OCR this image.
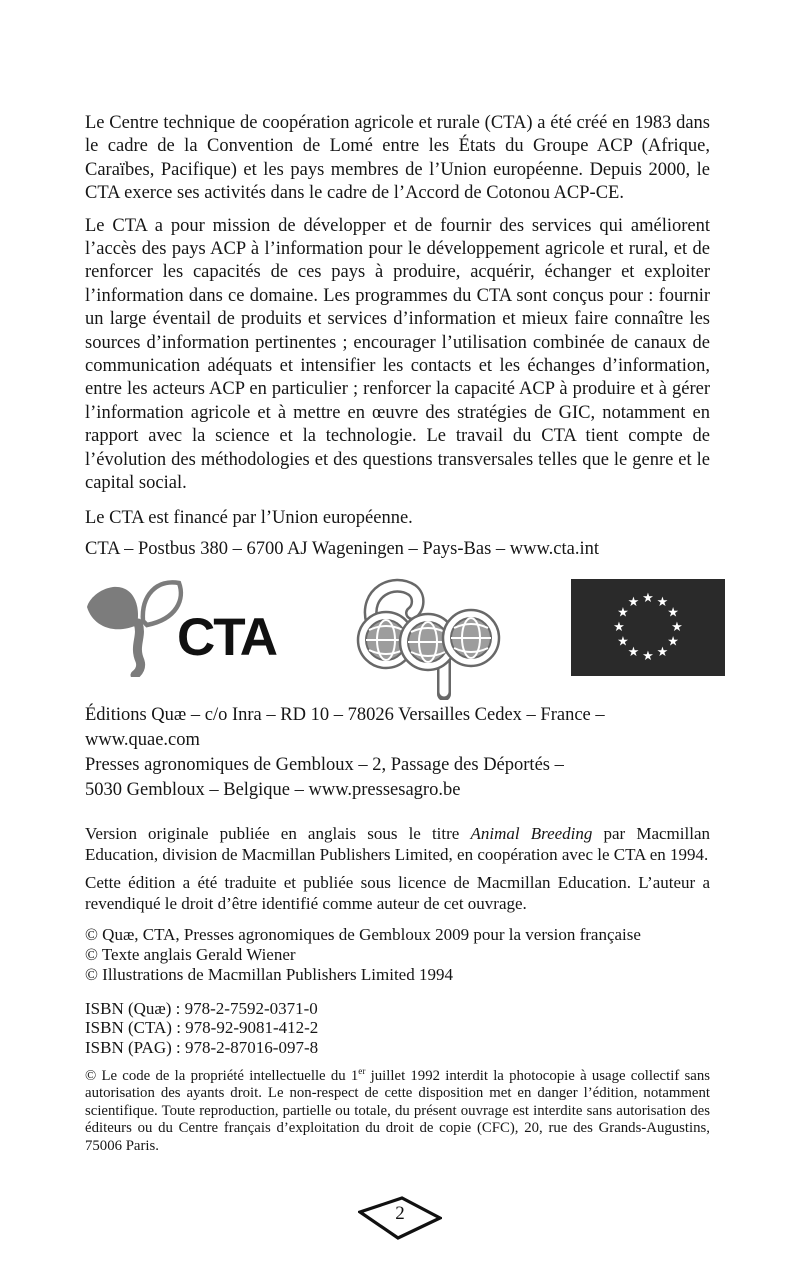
Le Centre technique de coopération agricole et rurale (CTA) a été créé en 1983 dans le cadre de la Convention de Lomé entre les États du Groupe ACP (Afrique, Caraïbes, Pacifique) et les pays membres de l’Union européenne. Depuis 2000, le CTA exerce ses activités dans le cadre de l’Accord de Cotonou ACP-CE.

Le CTA a pour mission de développer et de fournir des services qui améliorent l’accès des pays ACP à l’information pour le développement agricole et rural, et de renforcer les capacités de ces pays à produire, acquérir, échanger et exploiter l’information dans ce domaine. Les programmes du CTA sont conçus pour : fournir un large éventail de produits et services d’information et mieux faire connaître les sources d’information pertinentes ; encourager l’utilisation combinée de canaux de communication adéquats et intensifier les contacts et les échanges d’information, entre les acteurs ACP en particulier ; renforcer la capacité ACP à produire et à gérer l’information agricole et à mettre en œuvre des stratégies de GIC, notamment en rapport avec la science et la technologie. Le travail du CTA tient compte de l’évolution des méthodologies et des questions transversales telles que le genre et le capital social.

Le CTA est financé par l’Union européenne.

CTA – Postbus 380 – 6700 AJ Wageningen – Pays-Bas – www.cta.int

CTA
★ ★
★
★
★
★
★
★
★
★
★
★

Éditions Quæ – c/o Inra – RD 10 – 78026 Versailles Cedex – France –

www.quae.com

Presses agronomiques de Gembloux – 2, Passage des Déportés –

5030 Gembloux – Belgique – www.pressesagro.be

Version originale publiée en anglais sous le titre Animal Breeding par Macmillan Education, division de Macmillan Publishers Limited, en coopération avec le CTA en 1994.

Cette édition a été traduite et publiée sous licence de Macmillan Education. L’auteur a revendiqué le droit d’être identifié comme auteur de cet ouvrage.

© Quæ, CTA, Presses agronomiques de Gembloux 2009 pour la version française

© Texte anglais Gerald Wiener

© Illustrations de Macmillan Publishers Limited 1994

ISBN (Quæ) : 978-2-7592-0371-0

ISBN (CTA) : 978-92-9081-412-2

ISBN (PAG) : 978-2-87016-097-8

© Le code de la propriété intellectuelle du 1er juillet 1992 interdit la photocopie à usage collectif sans autorisation des ayants droit. Le non-respect de cette disposition met en danger l’édition, notamment scientifique. Toute reproduction, partielle ou totale, du présent ouvrage est interdite sans autorisation des éditeurs ou du Centre français d’exploitation du droit de copie (CFC), 20, rue des Grands-Augustins, 75006 Paris.

2
